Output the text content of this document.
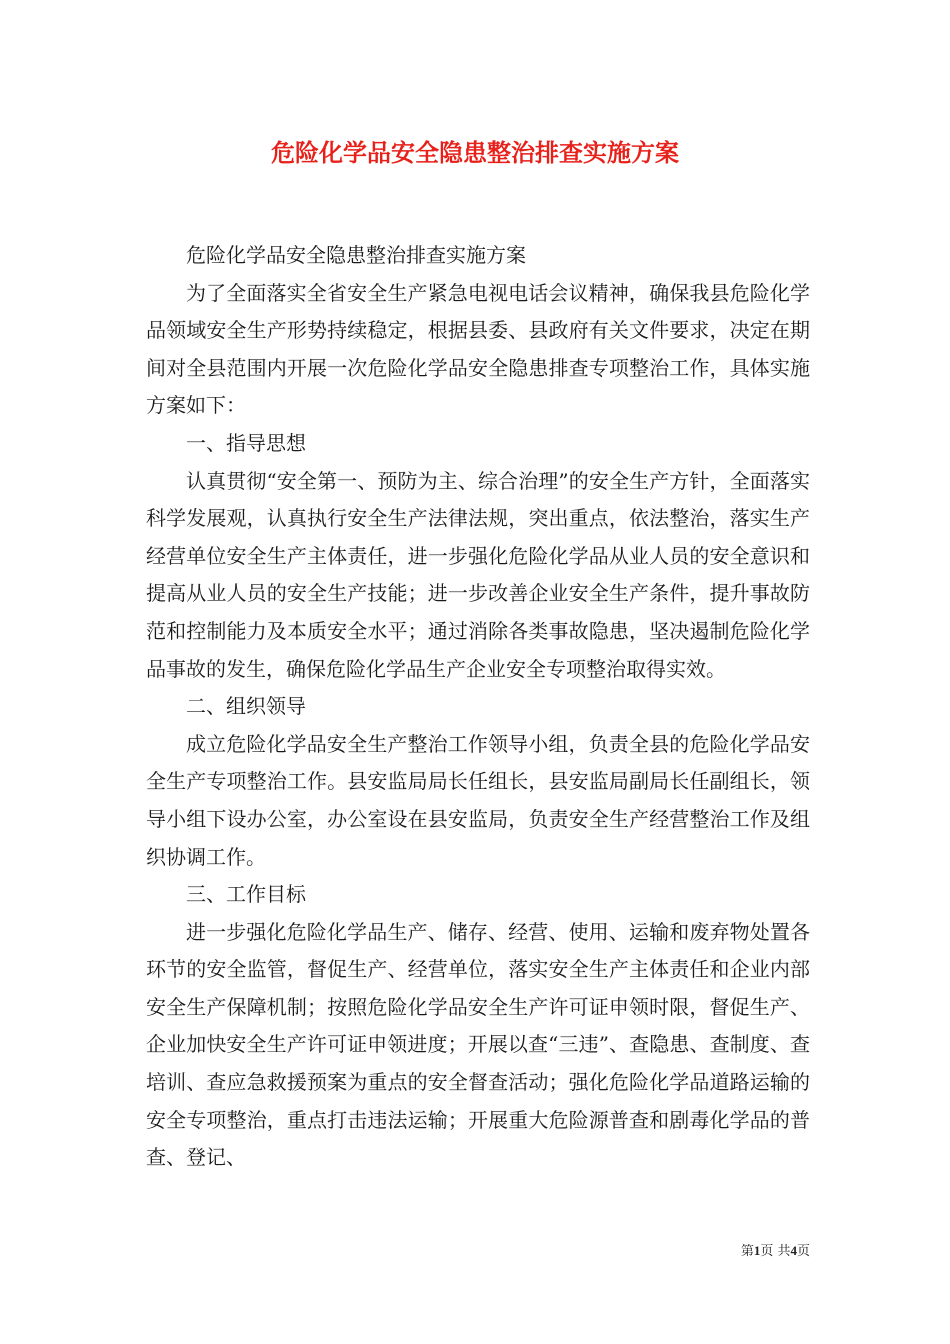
危险化学品安全隐患整治排查实施方案

危险化学品安全隐患整治排查实施方案

为了全面落实全省安全生产紧急电视电话会议精神，确保我县危险化学品领域安全生产形势持续稳定，根据县委、县政府有关文件要求，决定在期间对全县范围内开展一次危险化学品安全隐患排查专项整治工作，具体实施方案如下：

一、指导思想

认真贯彻“安全第一、预防为主、综合治理”的安全生产方针，全面落实科学发展观，认真执行安全生产法律法规，突出重点，依法整治，落实生产经营单位安全生产主体责任，进一步强化危险化学品从业人员的安全意识和提高从业人员的安全生产技能；进一步改善企业安全生产条件，提升事故防范和控制能力及本质安全水平；通过消除各类事故隐患，坚决遏制危险化学品事故的发生，确保危险化学品生产企业安全专项整治取得实效。

二、组织领导

成立危险化学品安全生产整治工作领导小组，负责全县的危险化学品安全生产专项整治工作。县安监局局长任组长，县安监局副局长任副组长，领导小组下设办公室，办公室设在县安监局，负责安全生产经营整治工作及组织协调工作。

三、工作目标

进一步强化危险化学品生产、储存、经营、使用、运输和废弃物处置各环节的安全监管，督促生产、经营单位，落实安全生产主体责任和企业内部安全生产保障机制；按照危险化学品安全生产许可证申领时限，督促生产、企业加快安全生产许可证申领进度；开展以查“三违”、查隐患、查制度、查培训、查应急救援预案为重点的安全督查活动；强化危险化学品道路运输的安全专项整治，重点打击违法运输；开展重大危险源普查和剧毒化学品的普查、登记、

第1页 共4页
